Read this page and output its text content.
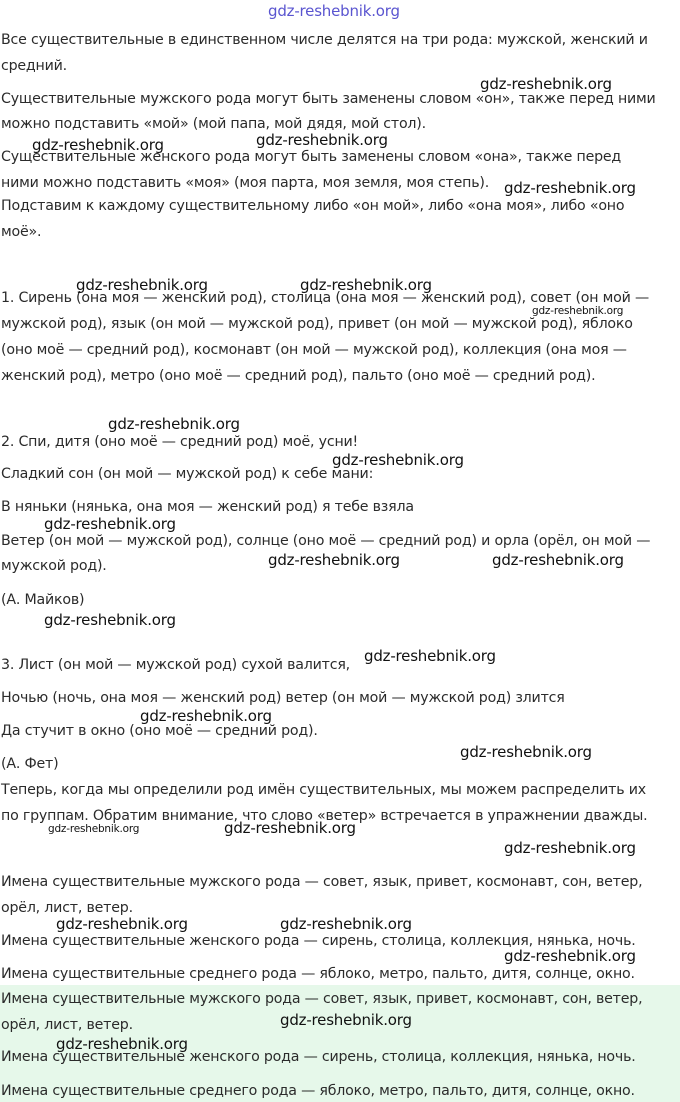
Все существительные в единственном числе делятся на три рода: мужской, женский и
средний.
Существительные мужского рода могут быть заменены словом «он», также перед ними
можно подставить «мой» (мой папа, мой дядя, мой стол).
Существительные женского рода могут быть заменены словом «она», также перед
ними можно подставить «моя» (моя парта, моя земля, моя степь).
Подставим к каждому существительному либо «он мой», либо «она моя», либо «оно
моё».
1. Сирень (она моя — женский род), столица (она моя — женский род), совет (он мой —
мужской род), язык (он мой — мужской род), привет (он мой — мужской род), яблоко
(оно моё — средний род), космонавт (он мой — мужской род), коллекция (она моя —
женский род), метро (оно моё — средний род), пальто (оно моё — средний род).
2. Спи, дитя (оно моё — средний род) моё, усни!
Сладкий сон (он мой — мужской род) к себе мани:
В няньки (нянька, она моя — женский род) я тебе взяла
Ветер (он мой — мужской род), солнце (оно моё — средний род) и орла (орёл, он мой —
мужской род).
(А. Майков)
3. Лист (он мой — мужской род) сухой валится,
Ночью (ночь, она моя — женский род) ветер (он мой — мужской род) злится
Да стучит в окно (оно моё — средний род).
(А. Фет)
Теперь, когда мы определили род имён существительных, мы можем распределить их
по группам. Обратим внимание, что слово «ветер» встречается в упражнении дважды.
Имена существительные мужского рода — совет, язык, привет, космонавт, сон, ветер,
орёл, лист, ветер.
Имена существительные женского рода — сирень, столица, коллекция, нянька, ночь.
Имена существительные среднего рода — яблоко, метро, пальто, дитя, солнце, окно.
Имена существительные мужского рода — совет, язык, привет, космонавт, сон, ветер,
орёл, лист, ветер.
Имена существительные женского рода — сирень, столица, коллекция, нянька, ночь.
Имена существительные среднего рода — яблоко, метро, пальто, дитя, солнце, окно.
gdz-reshebnik.org
gdz-reshebnik.org
gdz-reshebnik.org	gdz-reshebnik.org
gdz-reshebnik.org
gdz-reshebnik.org	gdz-reshebnik.org
gdz-reshebnik.org
gdz-reshebnik.org
gdz-reshebnik.org
gdz-reshebnik.org
gdz-reshebnik.org	gdz-reshebnik.org
gdz-reshebnik.org
gdz-reshebnik.org
gdz-reshebnik.org
gdz-reshebnik.org
gdz-reshebnik.org	gdz-reshebnik.org
gdz-reshebnik.org
gdz-reshebnik.org	gdz-reshebnik.org
gdz-reshebnik.org
gdz-reshebnik.org
gdz-reshebnik.org
